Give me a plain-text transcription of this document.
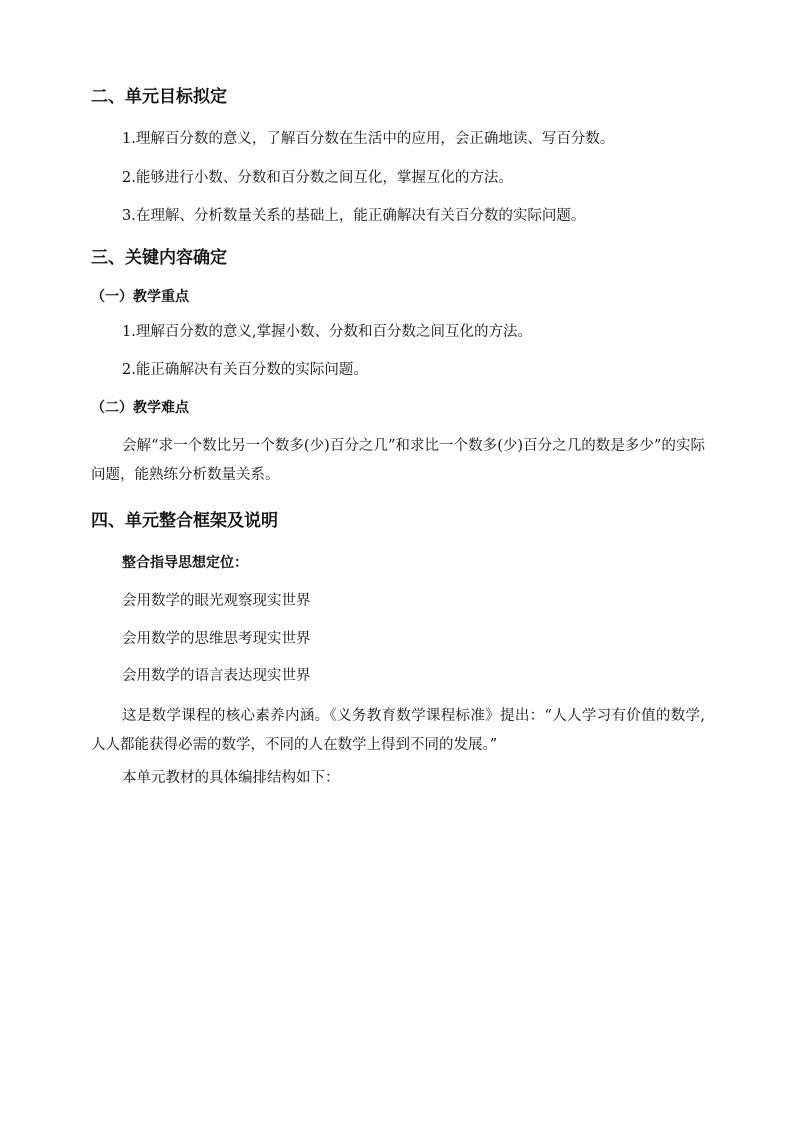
二、单元目标拟定
1.理解百分数的意义，了解百分数在生活中的应用，会正确地读、写百分数。
2.能够进行小数、分数和百分数之间互化，掌握互化的方法。
3.在理解、分析数量关系的基础上，能正确解决有关百分数的实际问题。
三、关键内容确定
（一）教学重点
1.理解百分数的意义,掌握小数、分数和百分数之间互化的方法。
2.能正确解决有关百分数的实际问题。
（二）教学难点
会解“求一个数比另一个数多(少)百分之几”和求比一个数多(少)百分之几的数是多少”的实际问题，能熟练分析数量关系。
四、单元整合框架及说明
整合指导思想定位：
会用数学的眼光观察现实世界
会用数学的思维思考现实世界
会用数学的语言表达现实世界
这是数学课程的核心素养内涵。《义务教育数学课程标准》提出：“人人学习有价值的数学,人人都能获得必需的数学，不同的人在数学上得到不同的发展。”
本单元教材的具体编排结构如下：
